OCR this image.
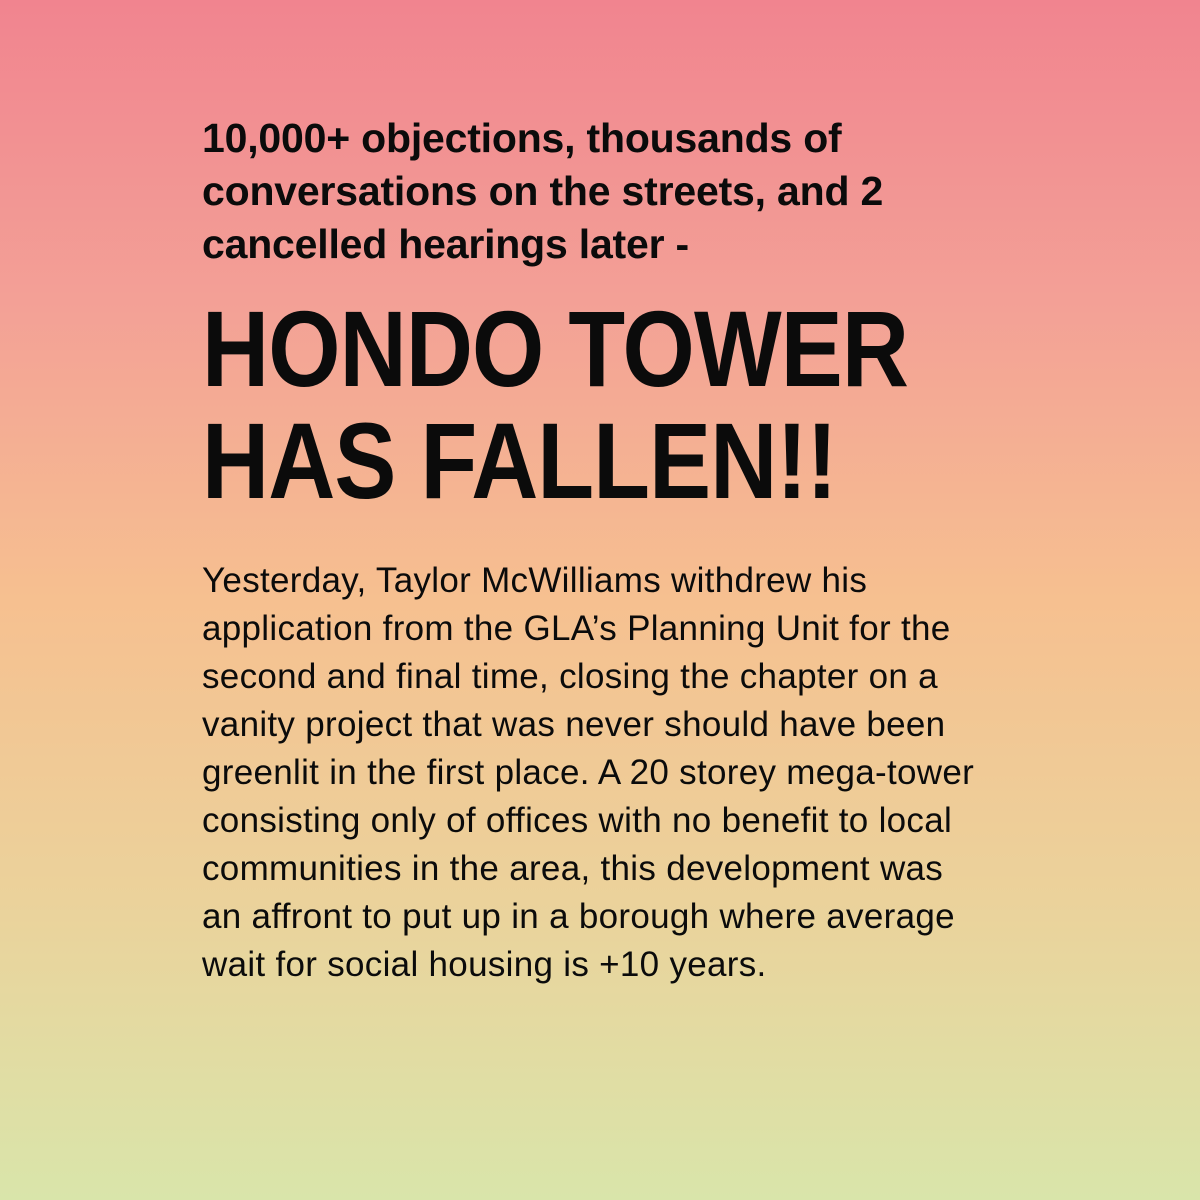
10,000+ objections, thousands of conversations on the streets, and 2 cancelled hearings later -

HONDO TOWER
HAS FALLEN!!

Yesterday, Taylor McWilliams withdrew his application from the GLA’s Planning Unit for the second and final time, closing the chapter on a vanity project that was never should have been greenlit in the first place. A 20 storey mega-tower consisting only of offices with no benefit to local communities in the area, this development was an affront to put up in a borough where average wait for social housing is +10 years.
